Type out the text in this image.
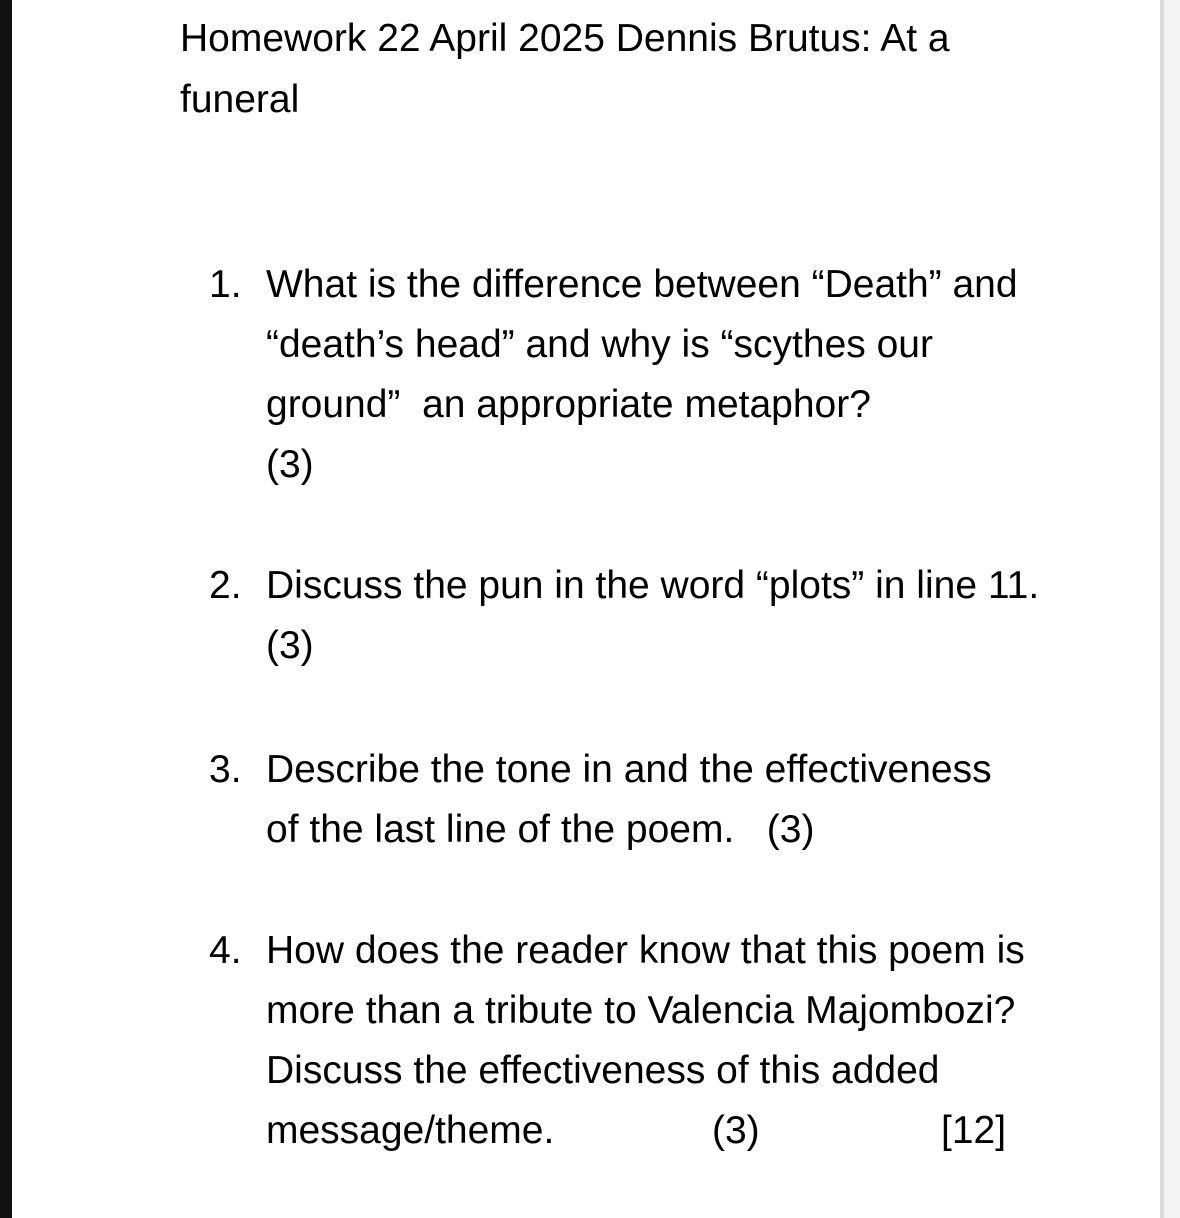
Homework 22 April 2025 Dennis Brutus: At a
funeral
1. What is the difference between “Death” and
“death’s head” and why is “scythes our
ground”  an appropriate metaphor?
(3)
2. Discuss the pun in the word “plots” in line 11.
(3)
3. Describe the tone in and the effectiveness
of the last line of the poem.   (3)
4. How does the reader know that this poem is
more than a tribute to Valencia Majombozi?
Discuss the effectiveness of this added
message/theme.	(3)	[12]
